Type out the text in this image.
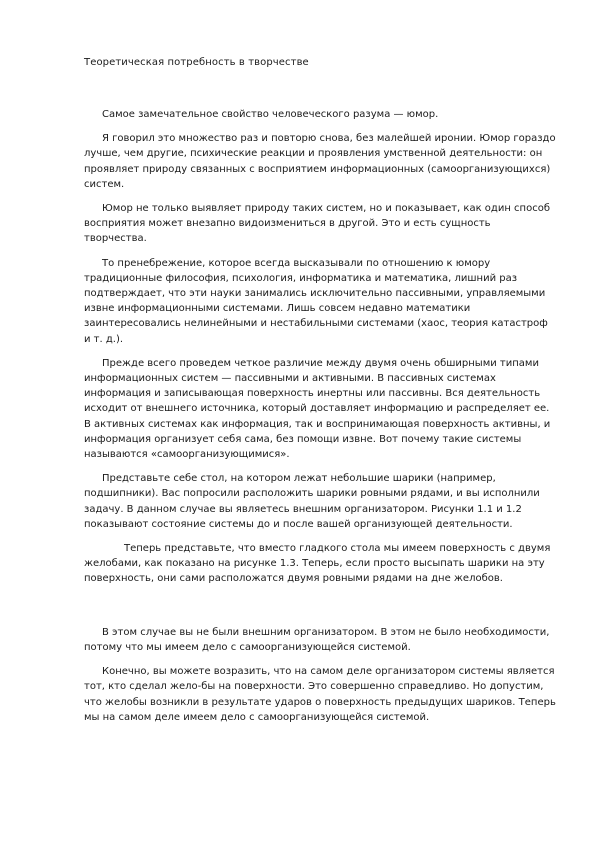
Теоретическая потребность в творчестве

Самое замечательное свойство человеческого разума — юмор.

Я говорил это множество раз и повторю снова, без малейшей иронии. Юмор гораздо лучше, чем другие, психические реакции и проявления умственной деятельности: он проявляет природу связанных с восприятием информационных (самоорганизующихся) систем.

Юмор не только выявляет природу таких систем, но и показывает, как один способ восприятия может внезапно видоизмениться в другой. Это и есть сущность творчества.

То пренебрежение, которое всегда высказывали по отношению к юмору традиционные философия, психология, информатика и математика, лишний раз подтверждает, что эти науки занимались исключительно пассивными, управляемыми извне информационными системами. Лишь совсем недавно математики заинтересовались нелинейными и нестабильными системами (хаос, теория катастроф и т. д.).

Прежде всего проведем четкое различие между двумя очень обширными типами информационных систем — пассивными и активными. В пассивных системах информация и записывающая поверхность инертны или пассивны. Вся деятельность исходит от внешнего источника, который доставляет информацию и распределяет ее. В активных системах как информация, так и воспринимающая поверхность активны, и информация организует себя сама, без помощи извне. Вот почему такие системы называются «самоорганизующимися».

Представьте себе стол, на котором лежат небольшие шарики (например, подшипники). Вас попросили расположить шарики ровными рядами, и вы исполнили задачу. В данном случае вы являетесь внешним организатором. Рисунки 1.1 и 1.2 показывают состояние системы до и после вашей организующей деятельности.

Теперь представьте, что вместо гладкого стола мы имеем поверхность с двумя желобами, как показано на рисунке 1.3. Теперь, если просто высыпать шарики на эту поверхность, они сами расположатся двумя ровными рядами на дне желобов.

В этом случае вы не были внешним организатором. В этом не было необходимости, потому что мы имеем дело с самоорганизующейся системой.

Конечно, вы можете возразить, что на самом деле организатором системы является тот, кто сделал жело-бы на поверхности. Это совершенно справедливо. Но допустим, что желобы возникли в результате ударов о поверхность предыдущих шариков. Теперь мы на самом деле имеем дело с самоорганизующейся системой.
